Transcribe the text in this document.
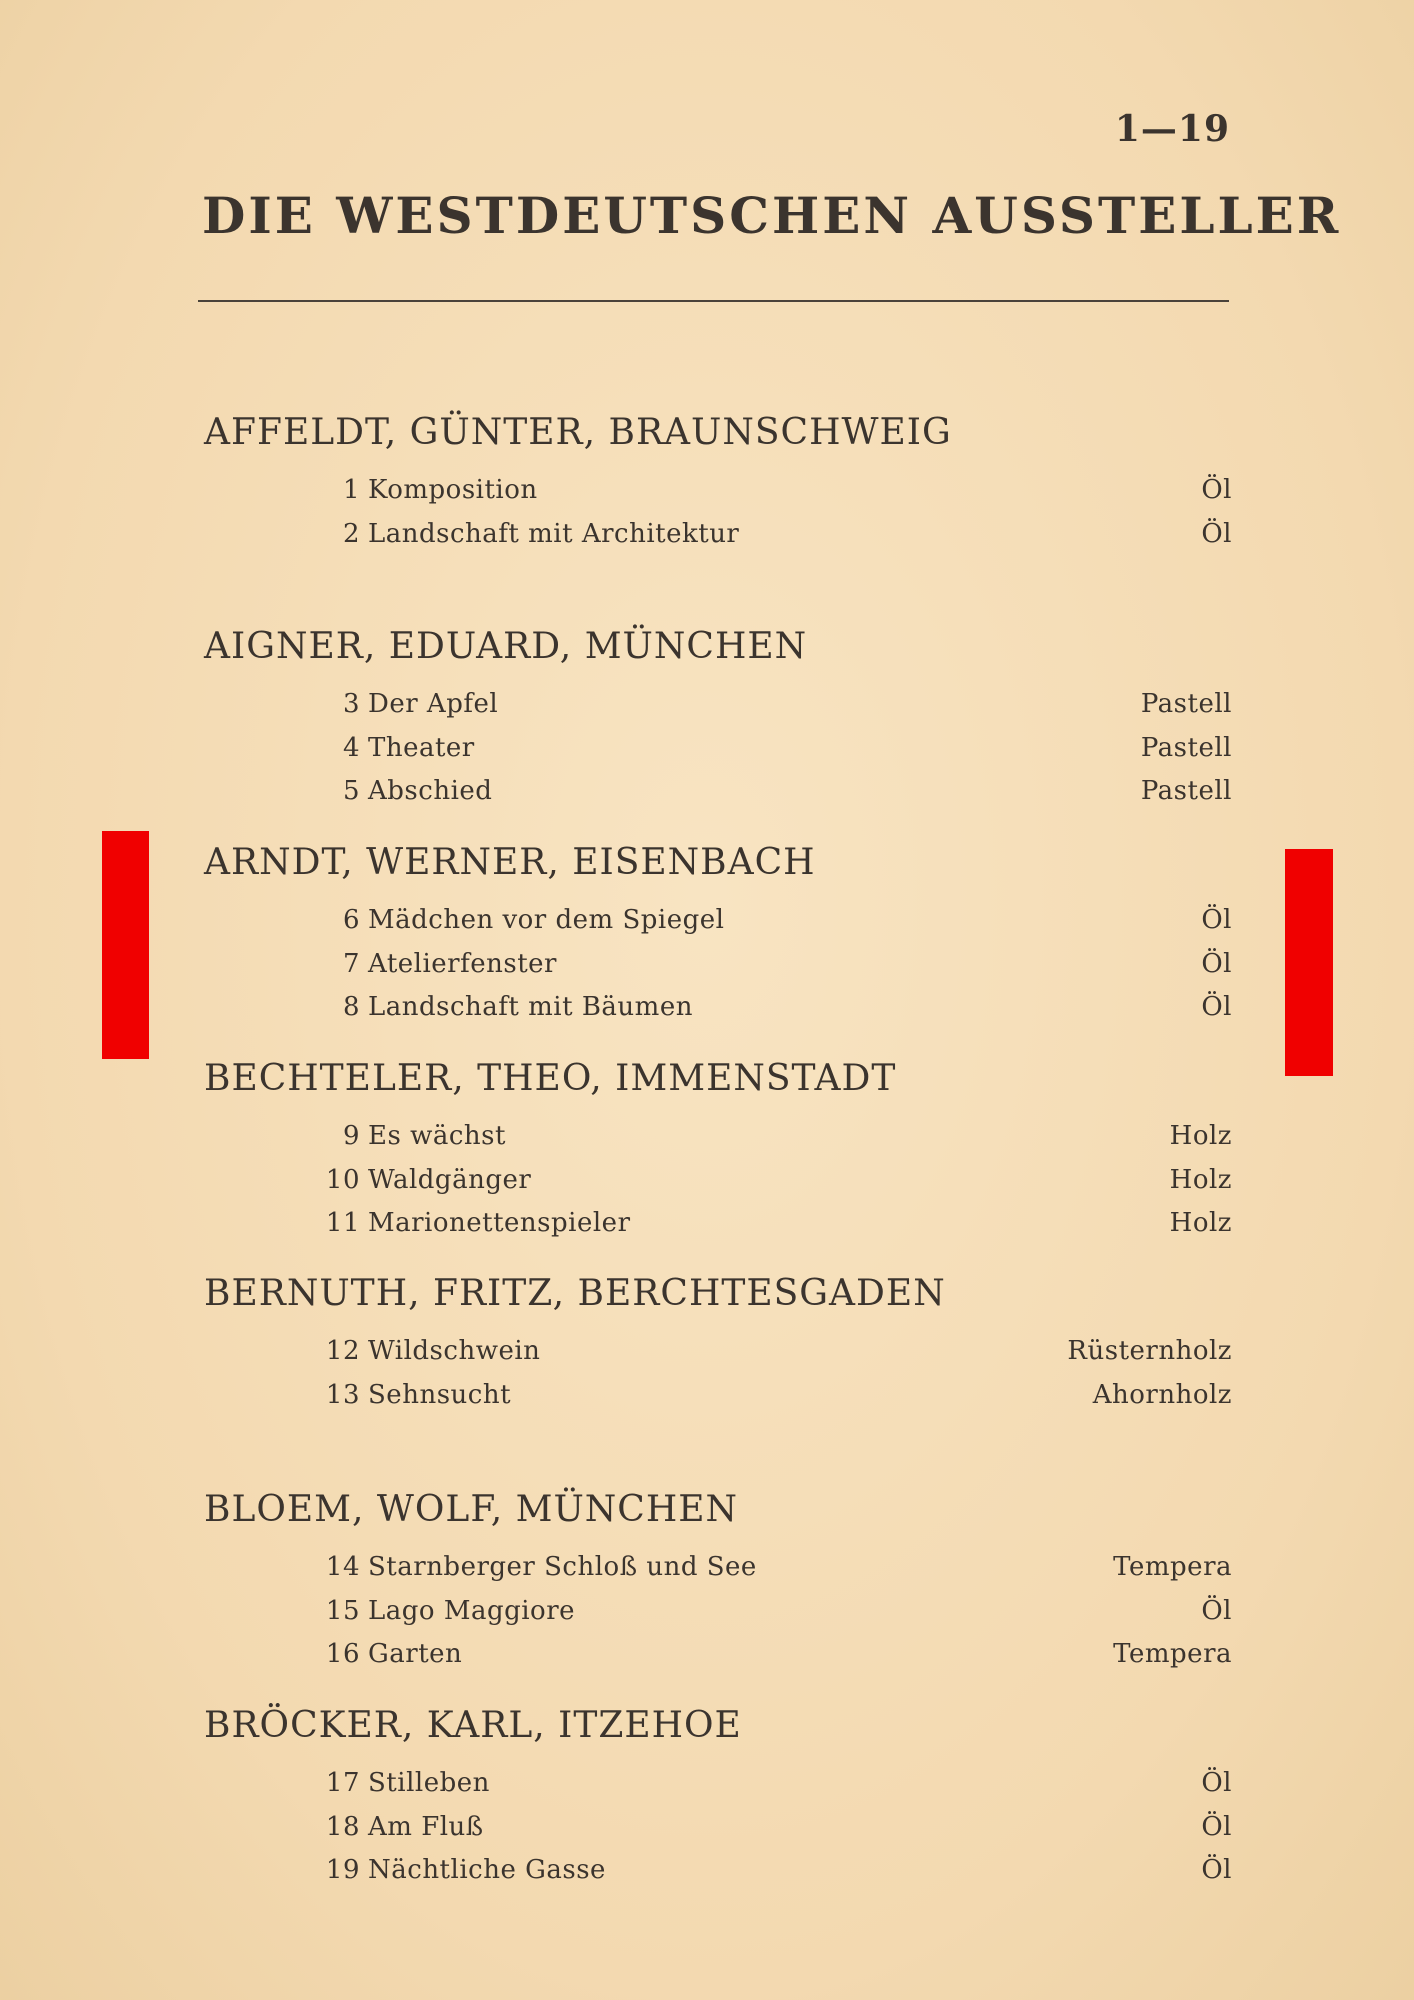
1—19
DIE WESTDEUTSCHEN AUSSTELLER
AFFELDT, GÜNTER, BRAUNSCHWEIG
1 Komposition	Öl
2 Landschaft mit Architektur	Öl
AIGNER, EDUARD, MÜNCHEN
3 Der Apfel	Pastell
4 Theater	Pastell
5 Abschied	Pastell
ARNDT, WERNER, EISENBACH
6 Mädchen vor dem Spiegel	Öl
7 Atelierfenster	Öl
8 Landschaft mit Bäumen	Öl
BECHTELER, THEO, IMMENSTADT
9 Es wächst	Holz
10 Waldgänger	Holz
11 Marionettenspieler	Holz
BERNUTH, FRITZ, BERCHTESGADEN
12 Wildschwein	Rüsternholz
13 Sehnsucht	Ahornholz
BLOEM, WOLF, MÜNCHEN
14 Starnberger Schloß und See	Tempera
15 Lago Maggiore	Öl
16 Garten	Tempera
BRÖCKER, KARL, ITZEHOE
17 Stilleben	Öl
18 Am Fluß	Öl
19 Nächtliche Gasse	Öl
